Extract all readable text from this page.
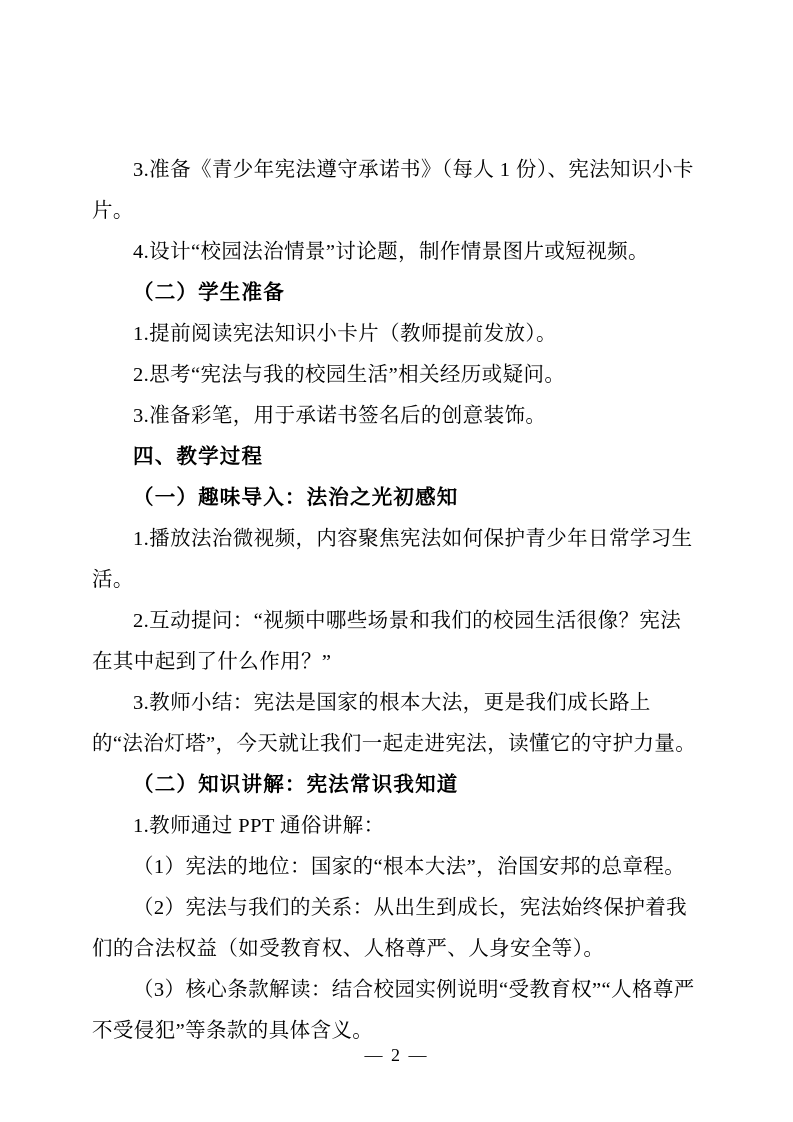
3.准备《青少年宪法遵守承诺书》（每人 1 份）、宪法知识小卡片。

4.设计“校园法治情景”讨论题，制作情景图片或短视频。

（二）学生准备

1.提前阅读宪法知识小卡片（教师提前发放）。

2.思考“宪法与我的校园生活”相关经历或疑问。

3.准备彩笔，用于承诺书签名后的创意装饰。

四、教学过程

（一）趣味导入：法治之光初感知

1.播放法治微视频，内容聚焦宪法如何保护青少年日常学习生活。

2.互动提问：“视频中哪些场景和我们的校园生活很像？宪法在其中起到了什么作用？”

3.教师小结：宪法是国家的根本大法，更是我们成长路上的“法治灯塔”，今天就让我们一起走进宪法，读懂它的守护力量。

（二）知识讲解：宪法常识我知道

1.教师通过 PPT 通俗讲解：

（1）宪法的地位：国家的“根本大法”，治国安邦的总章程。

（2）宪法与我们的关系：从出生到成长，宪法始终保护着我们的合法权益（如受教育权、人格尊严、人身安全等）。

（3）核心条款解读：结合校园实例说明“受教育权”“人格尊严不受侵犯”等条款的具体含义。

— 2 —
